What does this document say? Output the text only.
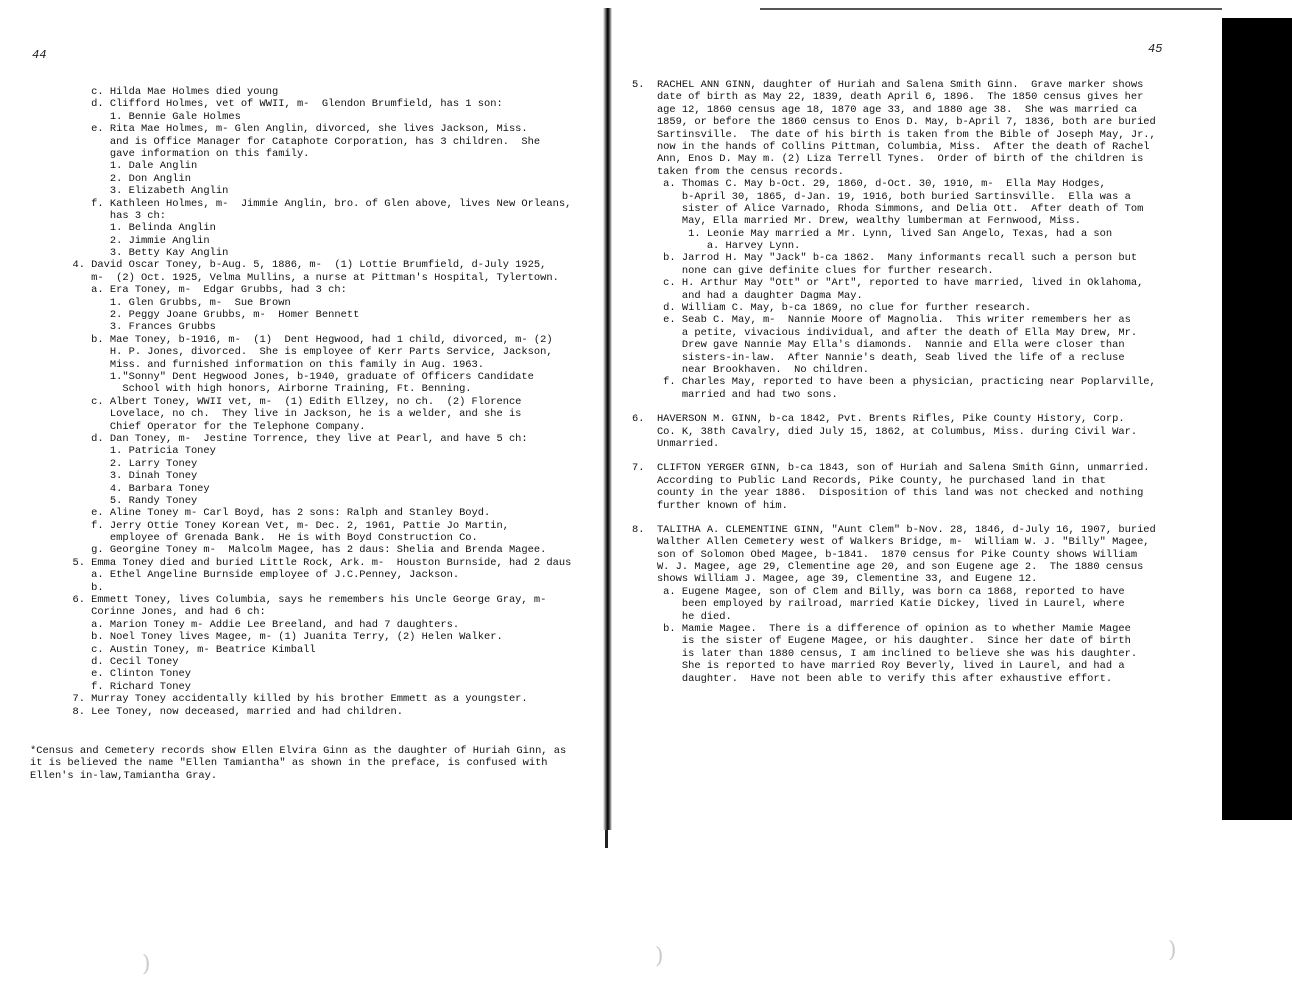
44	45
c. Hilda Mae Holmes died young
d. Clifford Holmes, vet of WWII, m-  Glendon Brumfield, has 1 son:
1. Bennie Gale Holmes
e. Rita Mae Holmes, m- Glen Anglin, divorced, she lives Jackson, Miss.
and is Office Manager for Cataphote Corporation, has 3 children.  She
gave information on this family.
1. Dale Anglin
2. Don Anglin
3. Elizabeth Anglin
f. Kathleen Holmes, m-  Jimmie Anglin, bro. of Glen above, lives New Orleans,
has 3 ch:
1. Belinda Anglin
2. Jimmie Anglin
3. Betty Kay Anglin
4. David Oscar Toney, b-Aug. 5, 1886, m-  (1) Lottie Brumfield, d-July 1925,
m-  (2) Oct. 1925, Velma Mullins, a nurse at Pittman's Hospital, Tylertown.
a. Era Toney, m-  Edgar Grubbs, had 3 ch:
1. Glen Grubbs, m-  Sue Brown
2. Peggy Joane Grubbs, m-  Homer Bennett
3. Frances Grubbs
b. Mae Toney, b-1916, m-  (1)  Dent Hegwood, had 1 child, divorced, m- (2)
H. P. Jones, divorced.  She is employee of Kerr Parts Service, Jackson,
Miss. and furnished information on this family in Aug. 1963.
1."Sonny" Dent Hegwood Jones, b-1940, graduate of Officers Candidate
School with high honors, Airborne Training, Ft. Benning.
c. Albert Toney, WWII vet, m-  (1) Edith Ellzey, no ch.  (2) Florence
Lovelace, no ch.  They live in Jackson, he is a welder, and she is
Chief Operator for the Telephone Company.
d. Dan Toney, m-  Jestine Torrence, they live at Pearl, and have 5 ch:
1. Patricia Toney
2. Larry Toney
3. Dinah Toney
4. Barbara Toney
5. Randy Toney
e. Aline Toney m- Carl Boyd, has 2 sons: Ralph and Stanley Boyd.
f. Jerry Ottie Toney Korean Vet, m- Dec. 2, 1961, Pattie Jo Martin,
employee of Grenada Bank.  He is with Boyd Construction Co.
g. Georgine Toney m-  Malcolm Magee, has 2 daus: Shelia and Brenda Magee.
5. Emma Toney died and buried Little Rock, Ark. m-  Houston Burnside, had 2 daus
a. Ethel Angeline Burnside employee of J.C.Penney, Jackson.
b.
6. Emmett Toney, lives Columbia, says he remembers his Uncle George Gray, m-
Corinne Jones, and had 6 ch:
a. Marion Toney m- Addie Lee Breeland, and had 7 daughters.
b. Noel Toney lives Magee, m- (1) Juanita Terry, (2) Helen Walker.
c. Austin Toney, m- Beatrice Kimball
d. Cecil Toney
e. Clinton Toney
f. Richard Toney
7. Murray Toney accidentally killed by his brother Emmett as a youngster.
8. Lee Toney, now deceased, married and had children.
*Census and Cemetery records show Ellen Elvira Ginn as the daughter of Huriah Ginn, as
it is believed the name "Ellen Tamiantha" as shown in the preface, is confused with
Ellen's in-law,Tamiantha Gray.
5.  RACHEL ANN GINN, daughter of Huriah and Salena Smith Ginn.  Grave marker shows
date of birth as May 22, 1839, death April 6, 1896.  The 1850 census gives her
age 12, 1860 census age 18, 1870 age 33, and 1880 age 38.  She was married ca
1859, or before the 1860 census to Enos D. May, b-April 7, 1836, both are buried
Sartinsville.  The date of his birth is taken from the Bible of Joseph May, Jr.,
now in the hands of Collins Pittman, Columbia, Miss.  After the death of Rachel
Ann, Enos D. May m. (2) Liza Terrell Tynes.  Order of birth of the children is
taken from the census records.
a. Thomas C. May b-Oct. 29, 1860, d-Oct. 30, 1910, m-  Ella May Hodges,
b-April 30, 1865, d-Jan. 19, 1916, both buried Sartinsville.  Ella was a
sister of Alice Varnado, Rhoda Simmons, and Delia Ott.  After death of Tom
May, Ella married Mr. Drew, wealthy lumberman at Fernwood, Miss.
1. Leonie May married a Mr. Lynn, lived San Angelo, Texas, had a son
a. Harvey Lynn.
b. Jarrod H. May "Jack" b-ca 1862.  Many informants recall such a person but
none can give definite clues for further research.
c. H. Arthur May "Ott" or "Art", reported to have married, lived in Oklahoma,
and had a daughter Dagma May.
d. William C. May, b-ca 1869, no clue for further research.
e. Seab C. May, m-  Nannie Moore of Magnolia.  This writer remembers her as
a petite, vivacious individual, and after the death of Ella May Drew, Mr.
Drew gave Nannie May Ella's diamonds.  Nannie and Ella were closer than
sisters-in-law.  After Nannie's death, Seab lived the life of a recluse
near Brookhaven.  No children.
f. Charles May, reported to have been a physician, practicing near Poplarville,
married and had two sons.
6.  HAVERSON M. GINN, b-ca 1842, Pvt. Brents Rifles, Pike County History, Corp.
Co. K, 38th Cavalry, died July 15, 1862, at Columbus, Miss. during Civil War.
Unmarried.
7.  CLIFTON YERGER GINN, b-ca 1843, son of Huriah and Salena Smith Ginn, unmarried.
According to Public Land Records, Pike County, he purchased land in that
county in the year 1886.  Disposition of this land was not checked and nothing
further known of him.
8.  TALITHA A. CLEMENTINE GINN, "Aunt Clem" b-Nov. 28, 1846, d-July 16, 1907, buried
Walther Allen Cemetery west of Walkers Bridge, m-  William W. J. "Billy" Magee,
son of Solomon Obed Magee, b-1841.  1870 census for Pike County shows William
W. J. Magee, age 29, Clementine age 20, and son Eugene age 2.  The 1880 census
shows William J. Magee, age 39, Clementine 33, and Eugene 12.
a. Eugene Magee, son of Clem and Billy, was born ca 1868, reported to have
been employed by railroad, married Katie Dickey, lived in Laurel, where
he died.
b. Mamie Magee.  There is a difference of opinion as to whether Mamie Magee
is the sister of Eugene Magee, or his daughter.  Since her date of birth
is later than 1880 census, I am inclined to believe she was his daughter.
She is reported to have married Roy Beverly, lived in Laurel, and had a
daughter.  Have not been able to verify this after exhaustive effort.
)	)	)
